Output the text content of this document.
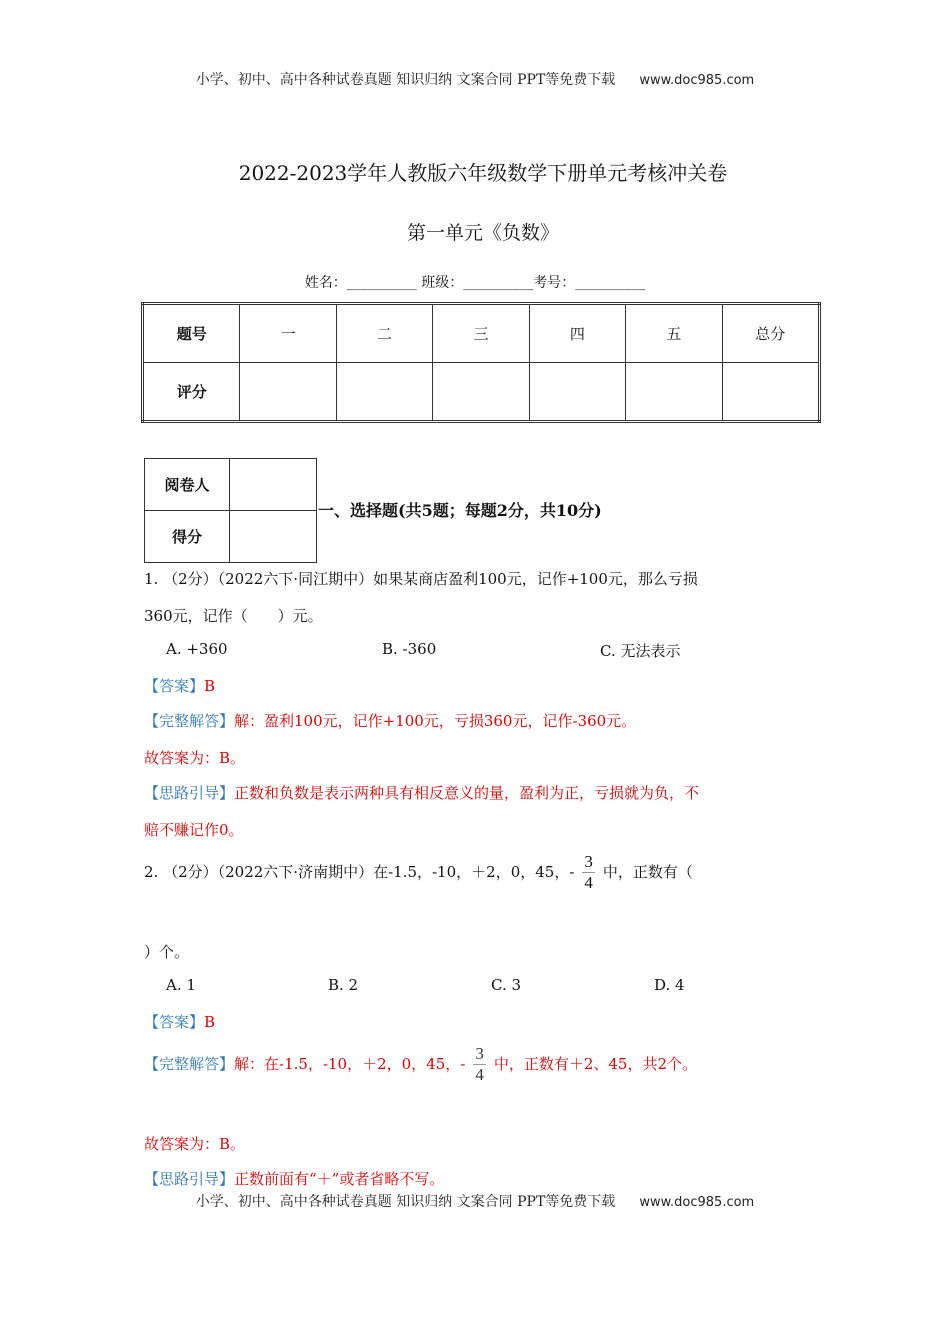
小学、初中、高中各种试卷真题 知识归纳 文案合同 PPT等免费下载 www.doc985.com
2022-2023学年人教版六年级数学下册单元考核冲关卷
第一单元《负数》
姓名：__________ 班级：__________考号：__________
题号	一	二	三	四	五	总分
评分						
阅卷人	
得分	
一、选择题(共5题；每题2分，共10分)
1. （2分）（2022六下·同江期中）如果某商店盈利100元，记作+100元，那么亏损
360元，记作（　　）元。
A. +360	B. -360	C. 无法表示
【答案】B
【完整解答】解：盈利100元，记作+100元，亏损360元，记作-360元。
故答案为：B。
【思路引导】正数和负数是表示两种具有相反意义的量，盈利为正，亏损就为负，不
赔不赚记作0。
2. （2分）（2022六下·济南期中）在-1.5，-10，＋2，0，45，- $\frac{3}{4}$ 中，正数有（
）个。
A. 1	B. 2	C. 3	D. 4
【答案】B
【完整解答】解：在-1.5，-10，＋2，0，45，- $\frac{3}{4}$ 中，正数有＋2、45，共2个。
故答案为：B。
【思路引导】正数前面有“＋”或者省略不写。
小学、初中、高中各种试卷真题 知识归纳 文案合同 PPT等免费下载 www.doc985.com
